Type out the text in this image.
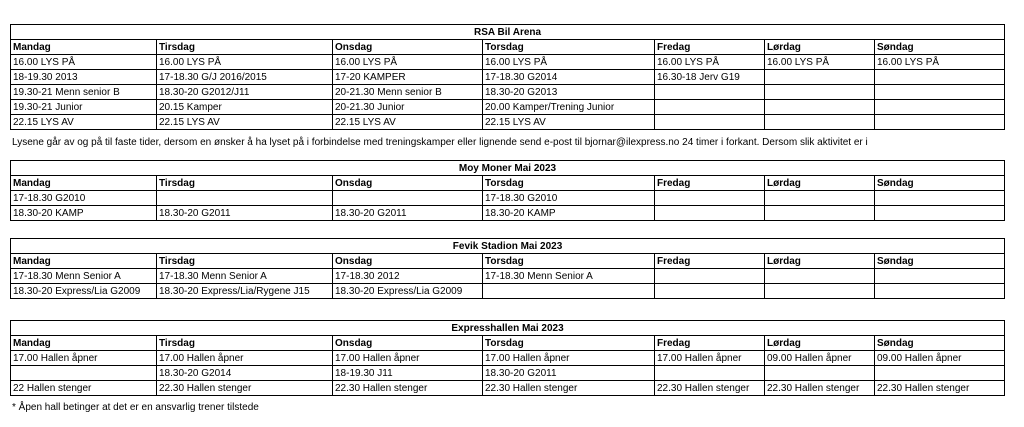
RSA Bil Arena						
Mandag	Tirsdag	Onsdag	Torsdag	Fredag	Lørdag	Søndag
16.00 LYS PÅ	16.00 LYS PÅ	16.00 LYS PÅ	16.00 LYS PÅ	16.00 LYS PÅ	16.00 LYS PÅ	16.00 LYS PÅ
18-19.30 2013	17-18.30 G/J 2016/2015	17-20 KAMPER	17-18.30 G2014	16.30-18 Jerv G19		
19.30-21 Menn senior B	18.30-20 G2012/J11	20-21.30 Menn senior B	18.30-20 G2013			
19.30-21 Junior	20.15 Kamper	20-21.30 Junior	20.00 Kamper/Trening Junior			
22.15 LYS AV	22.15 LYS AV	22.15 LYS AV	22.15 LYS AV			
Lysene går av og på til faste tider, dersom en ønsker å ha lyset på i forbindelse med treningskamper eller lignende send e-post til bjornar@ilexpress.no 24 timer i forkant. Dersom slik aktivitet er i
Moy Moner Mai 2023						
Mandag	Tirsdag	Onsdag	Torsdag	Fredag	Lørdag	Søndag
17-18.30 G2010			17-18.30 G2010			
18.30-20 KAMP	18.30-20 G2011	18.30-20 G2011	18.30-20 KAMP			
Fevik Stadion Mai 2023						
Mandag	Tirsdag	Onsdag	Torsdag	Fredag	Lørdag	Søndag
17-18.30 Menn Senior A	17-18.30 Menn Senior A	17-18.30 2012	17-18.30 Menn Senior A			
18.30-20 Express/Lia G2009	18.30-20 Express/Lia/Rygene J15	18.30-20 Express/Lia G2009				
Expresshallen Mai 2023						
Mandag	Tirsdag	Onsdag	Torsdag	Fredag	Lørdag	Søndag
17.00 Hallen åpner	17.00 Hallen åpner	17.00 Hallen åpner	17.00 Hallen åpner	17.00 Hallen åpner	09.00 Hallen åpner	09.00 Hallen åpner
	18.30-20 G2014	18-19.30 J11	18.30-20 G2011			
22 Hallen stenger	22.30 Hallen stenger	22.30 Hallen stenger	22.30 Hallen stenger	22.30 Hallen stenger	22.30 Hallen stenger	22.30 Hallen stenger
* Åpen hall betinger at det er en ansvarlig trener tilstede
